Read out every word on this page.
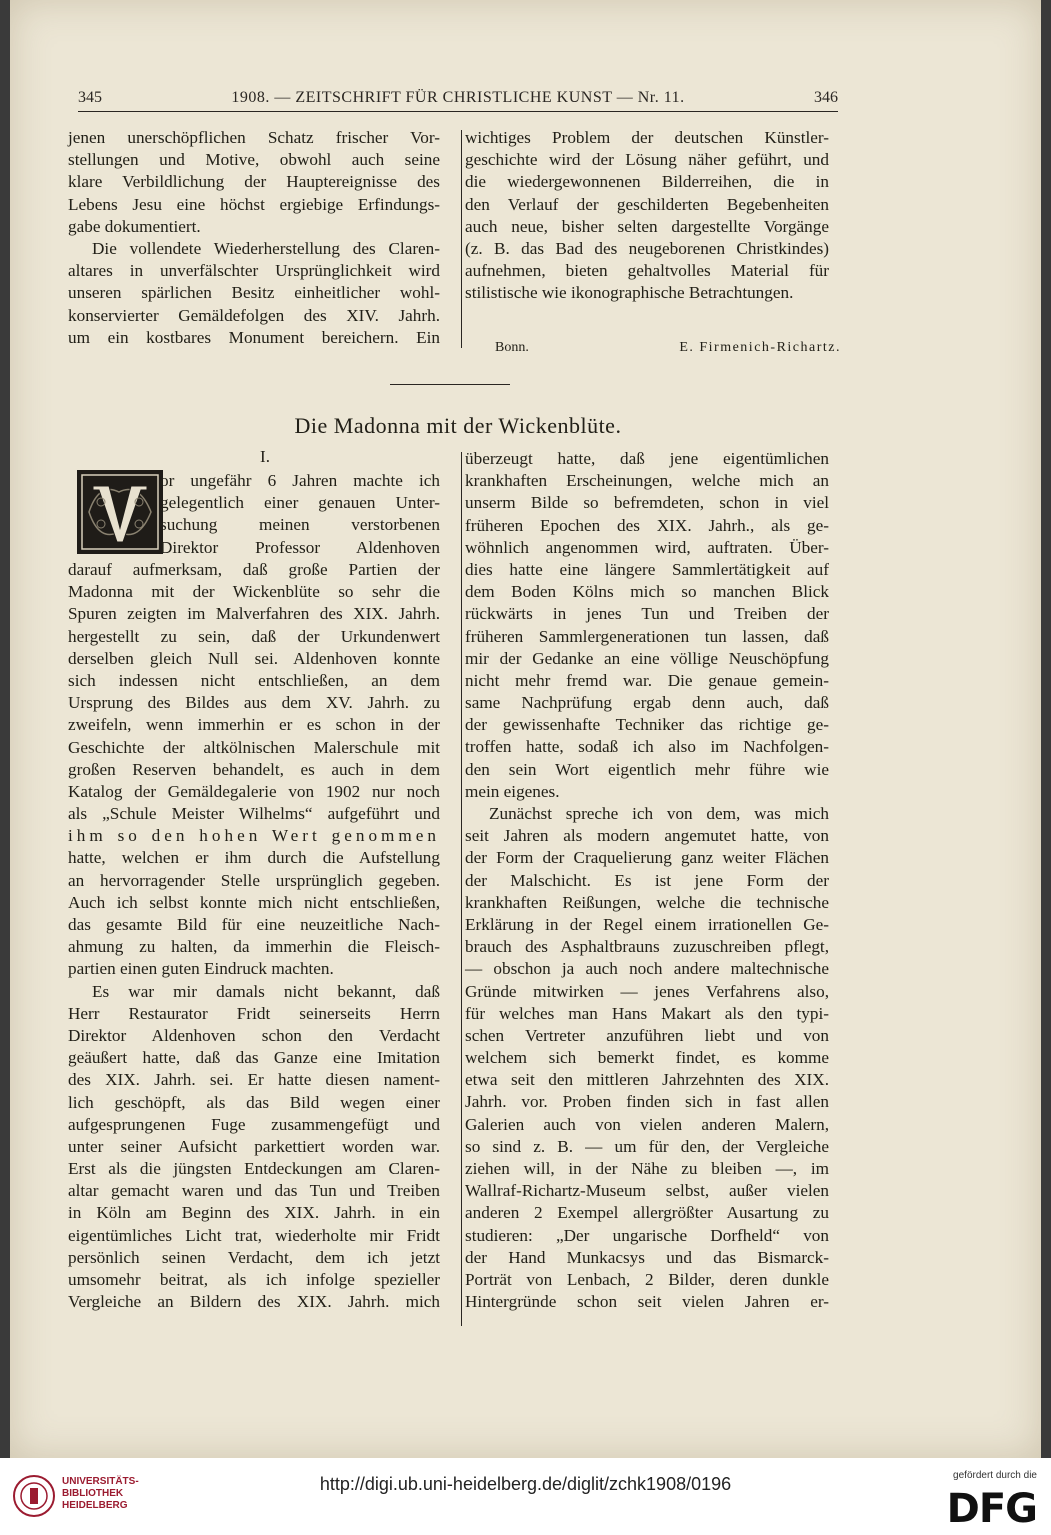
345	1908. — ZEITSCHRIFT FÜR CHRISTLICHE KUNST — Nr. 11.	346
jenen unerschöpflichen Schatz frischer Vor-
stellungen und Motive, obwohl auch seine
klare Verbildlichung der Hauptereignisse des
Lebens Jesu eine höchst ergiebige Erfindungs-
gabe dokumentiert.
Die vollendete Wiederherstellung des Claren-
altares in unverfälschter Ursprünglichkeit wird
unseren spärlichen Besitz einheitlicher wohl-
konservierter Gemäldefolgen des XIV. Jahrh.
um ein kostbares Monument bereichern. Ein
wichtiges Problem der deutschen Künstler-
geschichte wird der Lösung näher geführt, und
die wiedergewonnenen Bilderreihen, die in
den Verlauf der geschilderten Begebenheiten
auch neue, bisher selten dargestellte Vorgänge
(z. B. das Bad des neugeborenen Christkindes)
aufnehmen, bieten gehaltvolles Material für
stilistische wie ikonographische Betrachtungen.
Bonn.	E. Firmenich-Richartz.
Die Madonna mit der Wickenblüte.
I.
or ungefähr 6 Jahren machte ich
gelegentlich einer genauen Unter-
suchung meinen verstorbenen
Direktor Professor Aldenhoven
darauf aufmerksam, daß große Partien der
Madonna mit der Wickenblüte so sehr die
Spuren zeigten im Malverfahren des XIX. Jahrh.
hergestellt zu sein, daß der Urkundenwert
derselben gleich Null sei. Aldenhoven konnte
sich indessen nicht entschließen, an dem
Ursprung des Bildes aus dem XV. Jahrh. zu
zweifeln, wenn immerhin er es schon in der
Geschichte der altkölnischen Malerschule mit
großen Reserven behandelt, es auch in dem
Katalog der Gemäldegalerie von 1902 nur noch
als „Schule Meister Wilhelms“ aufgeführt und
ihm so den hohen Wert genommen
hatte, welchen er ihm durch die Aufstellung
an hervorragender Stelle ursprünglich gegeben.
Auch ich selbst konnte mich nicht entschließen,
das gesamte Bild für eine neuzeitliche Nach-
ahmung zu halten, da immerhin die Fleisch-
partien einen guten Eindruck machten.
Es war mir damals nicht bekannt, daß
Herr Restaurator Fridt seinerseits Herrn
Direktor Aldenhoven schon den Verdacht
geäußert hatte, daß das Ganze eine Imitation
des XIX. Jahrh. sei. Er hatte diesen nament-
lich geschöpft, als das Bild wegen einer
aufgesprungenen Fuge zusammengefügt und
unter seiner Aufsicht parkettiert worden war.
Erst als die jüngsten Entdeckungen am Claren-
altar gemacht waren und das Tun und Treiben
in Köln am Beginn des XIX. Jahrh. in ein
eigentümliches Licht trat, wiederholte mir Fridt
persönlich seinen Verdacht, dem ich jetzt
umsomehr beitrat, als ich infolge spezieller
Vergleiche an Bildern des XIX. Jahrh. mich
überzeugt hatte, daß jene eigentümlichen
krankhaften Erscheinungen, welche mich an
unserm Bilde so befremdeten, schon in viel
früheren Epochen des XIX. Jahrh., als ge-
wöhnlich angenommen wird, auftraten. Über-
dies hatte eine längere Sammlertätigkeit auf
dem Boden Kölns mich so manchen Blick
rückwärts in jenes Tun und Treiben der
früheren Sammlergenerationen tun lassen, daß
mir der Gedanke an eine völlige Neuschöpfung
nicht mehr fremd war. Die genaue gemein-
same Nachprüfung ergab denn auch, daß
der gewissenhafte Techniker das richtige ge-
troffen hatte, sodaß ich also im Nachfolgen-
den sein Wort eigentlich mehr führe wie
mein eigenes.
Zunächst spreche ich von dem, was mich
seit Jahren als modern angemutet hatte, von
der Form der Craquelierung ganz weiter Flächen
der Malschicht. Es ist jene Form der
krankhaften Reißungen, welche die technische
Erklärung in der Regel einem irrationellen Ge-
brauch des Asphaltbrauns zuzuschreiben pflegt,
— obschon ja auch noch andere maltechnische
Gründe mitwirken — jenes Verfahrens also,
für welches man Hans Makart als den typi-
schen Vertreter anzuführen liebt und von
welchem sich bemerkt findet, es komme
etwa seit den mittleren Jahrzehnten des XIX.
Jahrh. vor. Proben finden sich in fast allen
Galerien auch von vielen anderen Malern,
so sind z. B. — um für den, der Vergleiche
ziehen will, in der Nähe zu bleiben —, im
Wallraf-Richartz-Museum selbst, außer vielen
anderen 2 Exempel allergrößter Ausartung zu
studieren: „Der ungarische Dorfheld“ von
der Hand Munkacsys und das Bismarck-
Porträt von Lenbach, 2 Bilder, deren dunkle
Hintergründe schon seit vielen Jahren er-
UNIVERSITÄTS-
BIBLIOTHEK
HEIDELBERG
http://digi.ub.uni-heidelberg.de/diglit/zchk1908/0196	gefördert durch die
DFG
